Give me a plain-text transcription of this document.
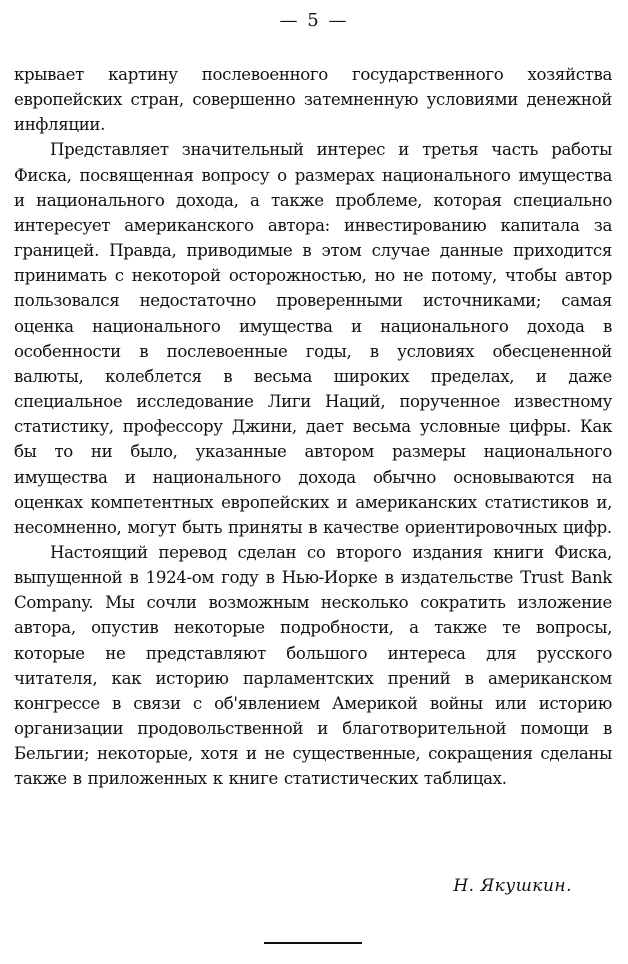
— 5 —

крывает картину послевоенного государственного хозяйства европейских стран, совершенно затемненную условиями денежной инфляции.

Представляет значительный интерес и третья часть работы Фиска, посвященная вопросу о размерах национального имущества и национального дохода, а также проблеме, которая специально интересует американского автора: инвестированию капитала за границей. Правда, приводимые в этом случае данные приходится принимать с некоторой осторожностью, но не потому, чтобы автор пользовался недостаточно проверенными источниками; самая оценка национального имущества и национального дохода в особенности в послевоенные годы, в условиях обесцененной валюты, колеблется в весьма широких пределах, и даже специальное исследование Лиги Наций, порученное известному статистику, профессору Джини, дает весьма условные цифры. Как бы то ни было, указанные автором размеры национального имущества и национального дохода обычно основываются на оценках компетентных европейских и американских статистиков и, несомненно, могут быть приняты в качестве ориентировочных цифр.

Настоящий перевод сделан со второго издания книги Фиска, выпущенной в 1924-ом году в Нью-Иорке в издательстве Trust Bank Company. Мы сочли возможным несколько сократить изложение автора, опустив некоторые подробности, а также те вопросы, которые не представляют большого интереса для русского читателя, как историю парламентских прений в американском конгрессе в связи с об'явлением Америкой войны или историю организации продовольственной и благотворительной помощи в Бельгии; некоторые, хотя и не существенные, сокращения сделаны также в приложенных к книге статистических таблицах.

Н. Якушкин.
